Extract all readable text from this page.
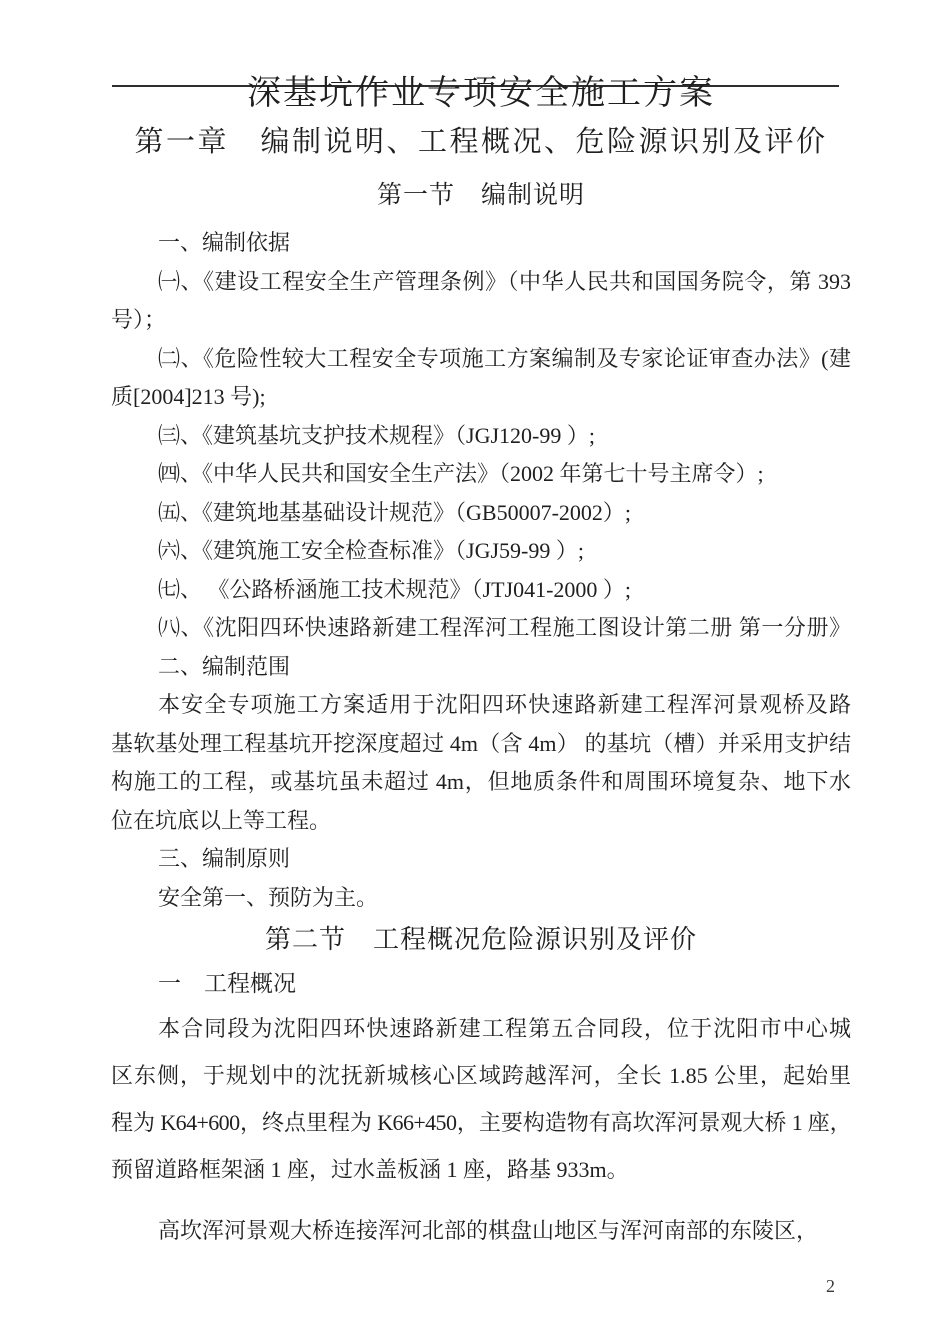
深基坑作业专项安全施工方案
第一章　编制说明、工程概况、危险源识别及评价
第一节　编制说明
一、编制依据
㈠、《建设工程安全生产管理条例》（中华人民共和国国务院令，第 393
号）；
㈡、《危险性较大工程安全专项施工方案编制及专家论证审查办法》(建
质[2004]213 号);
㈢、《建筑基坑支护技术规程》（JGJ120-99 ）;
㈣、《中华人民共和国安全生产法》（2002 年第七十号主席令）;
㈤、《建筑地基基础设计规范》（GB50007-2002）;
㈥、《建筑施工安全检查标准》（JGJ59-99 ）;
㈦、 《公路桥涵施工技术规范》（JTJ041-2000 ）;
㈧、《沈阳四环快速路新建工程浑河工程施工图设计第二册 第一分册》
二、编制范围
本安全专项施工方案适用于沈阳四环快速路新建工程浑河景观桥及路
基软基处理工程基坑开挖深度超过 4m（含 4m） 的基坑（槽）并采用支护结
构施工的工程，或基坑虽未超过 4m，但地质条件和周围环境复杂、地下水
位在坑底以上等工程。
三、编制原则
安全第一、预防为主。
第二节　工程概况危险源识别及评价
一　工程概况
本合同段为沈阳四环快速路新建工程第五合同段，位于沈阳市中心城
区东侧，于规划中的沈抚新城核心区域跨越浑河，全长 1.85 公里，起始里
程为 K64+600，终点里程为 K66+450，主要构造物有高坎浑河景观大桥 1 座，
预留道路框架涵 1 座，过水盖板涵 1 座，路基 933m。
高坎浑河景观大桥连接浑河北部的棋盘山地区与浑河南部的东陵区，
2
